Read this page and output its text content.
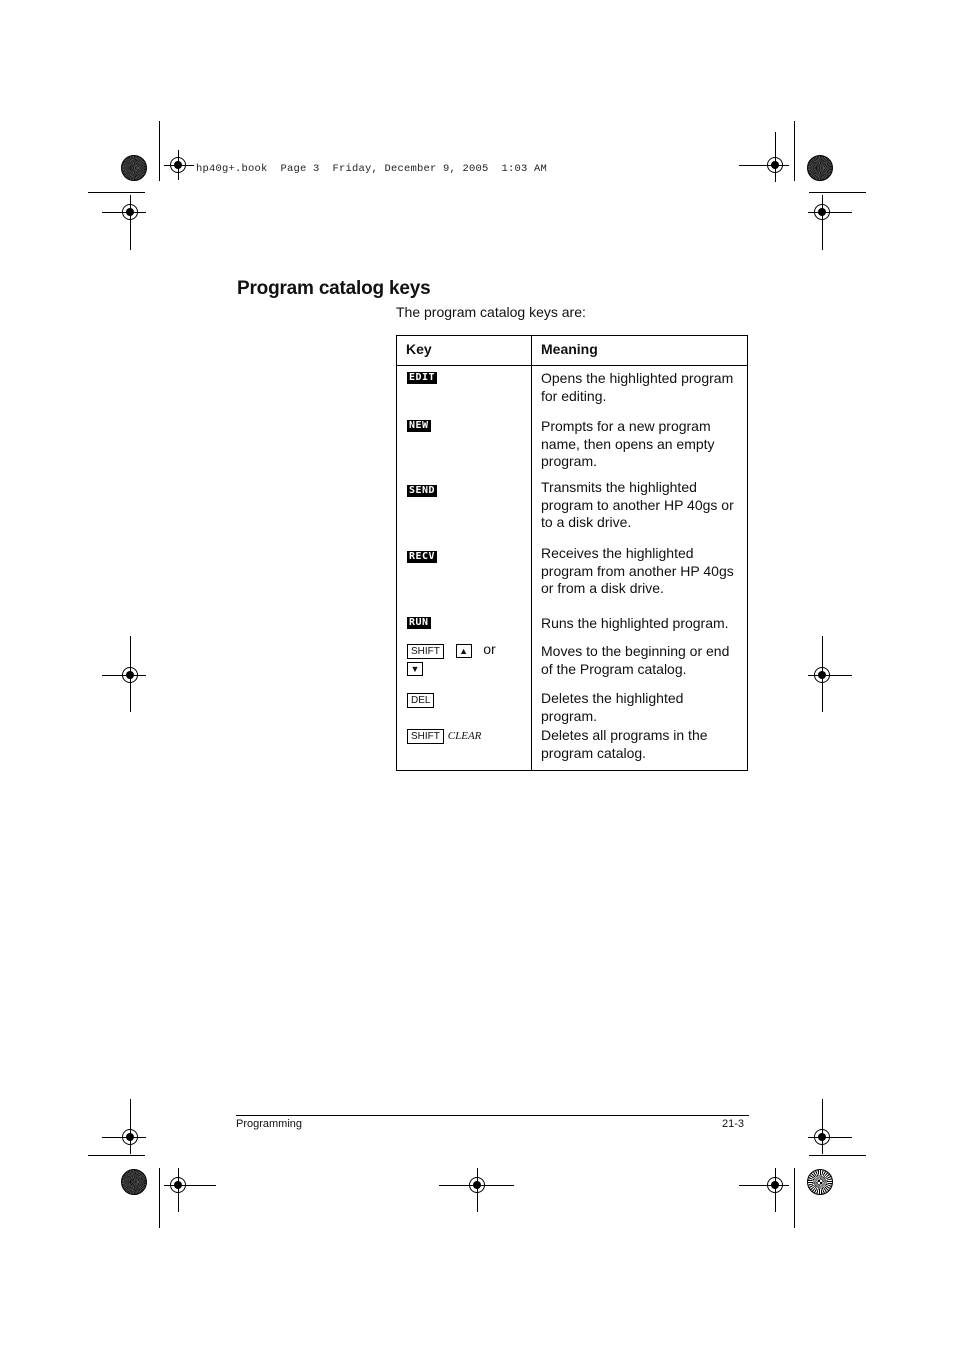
hp40g+.book  Page 3  Friday, December 9, 2005  1:03 AM
Program catalog keys
The program catalog keys are:
Key	Meaning
EDIT	Opens the highlighted program for editing.
NEW	Prompts for a new program name, then opens an empty program.
SEND	Transmits the highlighted program to another HP 40gs or to a disk drive.
RECV	Receives the highlighted program from another HP 40gs or from a disk drive.
RUN	Runs the highlighted program.
SHIFT ▲ or
▼	Moves to the beginning or end of the Program catalog.
DEL	Deletes the highlighted program.
SHIFT CLEAR	Deletes all programs in the program catalog.
Programming	21-3
